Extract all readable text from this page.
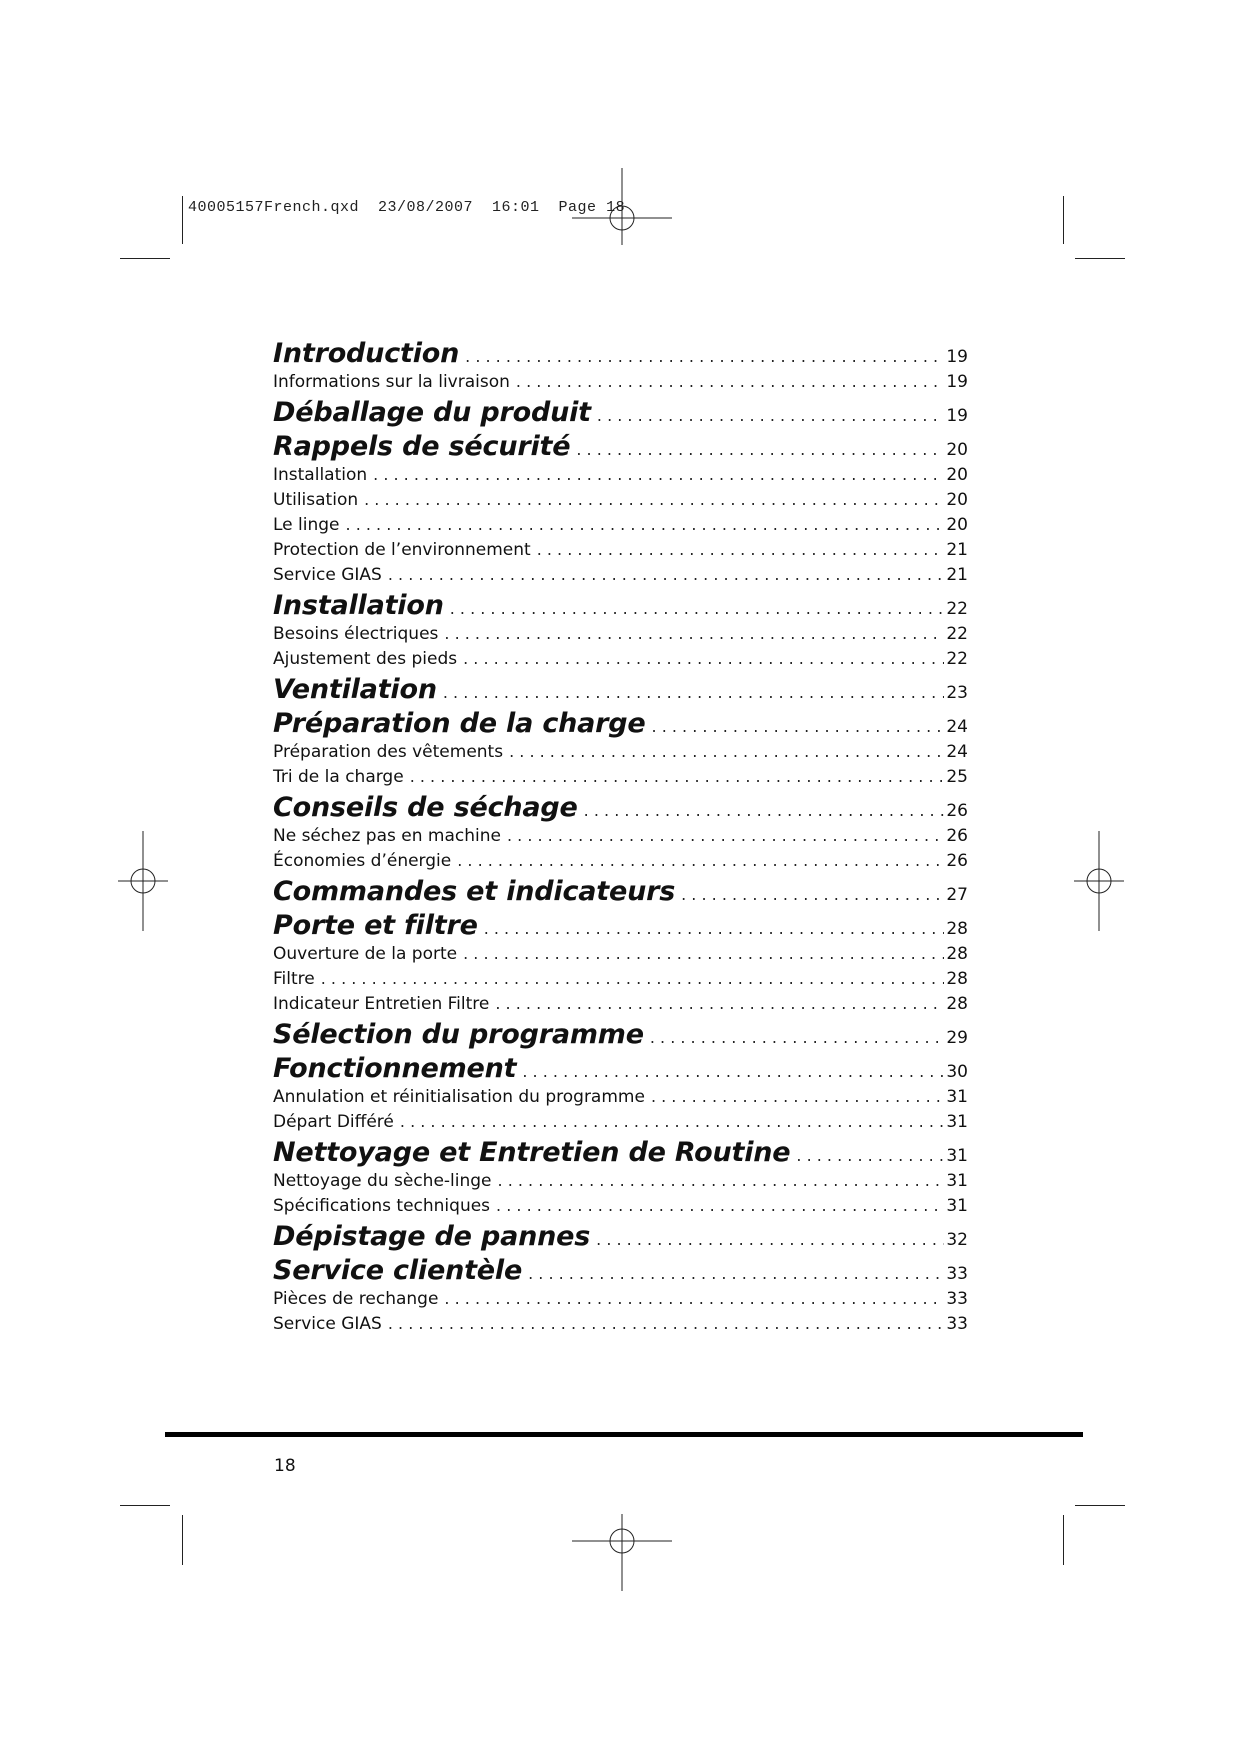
40005157French.qxd  23/08/2007  16:01  Page 18
Introduction . . .	19
Informations sur la livraison . . .	19
Déballage du produit . . .	19
Rappels de sécurité . . .	20
Installation . . .	20
Utilisation . . .	20
Le linge . . .	20
Protection de l’environnement . . .	21
Service GIAS . . .	21
Installation . . .	22
Besoins électriques . . .	22
Ajustement des pieds . . .	22
Ventilation . . .	23
Préparation de la charge . . .	24
Préparation des vêtements . . .	24
Tri de la charge . . .	25
Conseils de séchage . . .	26
Ne séchez pas en machine . . .	26
Économies d’énergie . . .	26
Commandes et indicateurs . . .	27
Porte et filtre . . .	28
Ouverture de la porte . . .	28
Filtre . . .	28
Indicateur Entretien Filtre . . .	28
Sélection du programme . . .	29
Fonctionnement . . .	30
Annulation et réinitialisation du programme . . .	31
Départ Différé . . .	31
Nettoyage et Entretien de Routine . . .	31
Nettoyage du sèche-linge . . .	31
Spécifications techniques . . .	31
Dépistage de pannes . . .	32
Service clientèle . . .	33
Pièces de rechange . . .	33
Service GIAS . . .	33
18
